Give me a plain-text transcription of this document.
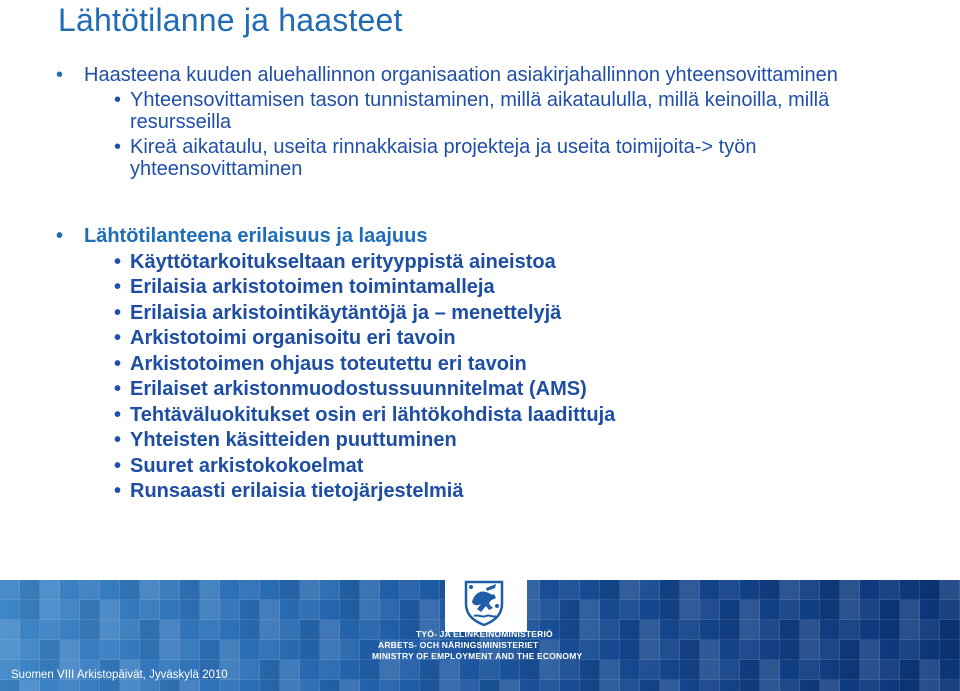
Lähtötilanne ja haasteet
• Haasteena kuuden aluehallinnon organisaation asiakirjahallinnon yhteensovittaminen
• Yhteensovittamisen tason tunnistaminen, millä aikataululla, millä keinoilla, millä resursseilla
• Kireä aikataulu, useita rinnakkaisia projekteja ja useita toimijoita-> työn yhteensovittaminen
• Lähtötilanteena erilaisuus ja laajuus
• Käyttötarkoitukseltaan erityyppistä aineistoa
• Erilaisia arkistotoimen toimintamalleja
• Erilaisia arkistointikäytäntöjä ja – menettelyjä
• Arkistotoimi organisoitu eri tavoin
• Arkistotoimen ohjaus toteutettu eri tavoin
• Erilaiset arkistonmuodostussuunnitelmat (AMS)
• Tehtäväluokitukset osin eri lähtökohdista laadittuja
• Yhteisten käsitteiden puuttuminen
• Suuret arkistokokoelmat
• Runsaasti erilaisia tietojärjestelmiä
TYÖ- JA ELINKEINOMINISTERIÖ
ARBETS- OCH NÄRINGSMINISTERIET
MINISTRY OF EMPLOYMENT AND THE ECONOMY
Suomen VIII Arkistopäivät, Jyväskylä 2010
